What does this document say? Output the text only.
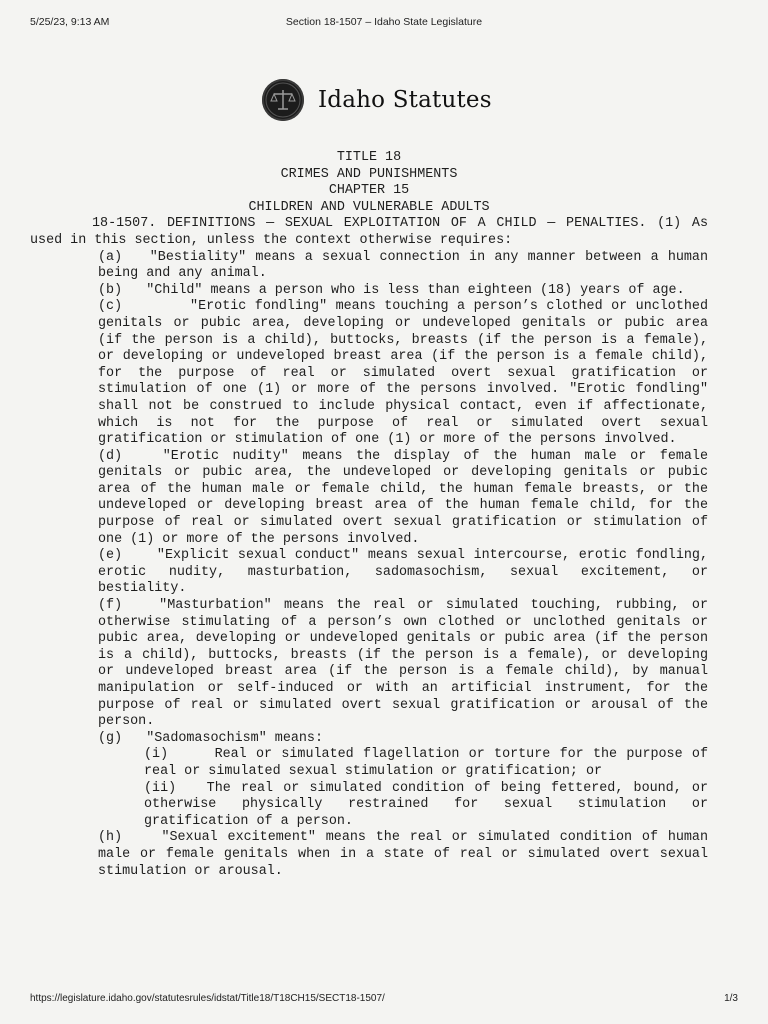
5/25/23, 9:13 AM	Section 18-1507 – Idaho State Legislature
Idaho Statutes
TITLE 18
CRIMES AND PUNISHMENTS
CHAPTER 15
CHILDREN AND VULNERABLE ADULTS
18-1507. DEFINITIONS — SEXUAL EXPLOITATION OF A CHILD — PENALTIES. (1) As used in this section, unless the context otherwise requires:
(a) "Bestiality" means a sexual connection in any manner between a human being and any animal.
(b) "Child" means a person who is less than eighteen (18) years of age.
(c)	"Erotic fondling" means touching a person’s clothed or unclothed genitals or pubic area, developing or undeveloped genitals or pubic area (if the person is a child), buttocks, breasts (if the person is a female), or developing or undeveloped breast area (if the person is a female child), for the purpose of real or simulated overt sexual gratification or stimulation of one (1) or more of the persons involved. "Erotic fondling" shall not be construed to include physical contact, even if affectionate, which is not for the purpose of real or simulated overt sexual gratification or stimulation of one (1) or more of the persons involved.
(d)	"Erotic nudity" means the display of the human male or female genitals or pubic area, the undeveloped or developing genitals or pubic area of the human male or female child, the human female breasts, or the undeveloped or developing breast area of the human female child, for the purpose of real or simulated overt sexual gratification or stimulation of one (1) or more of the persons involved.
(e)	"Explicit sexual conduct" means sexual intercourse, erotic fondling, erotic nudity, masturbation, sadomasochism, sexual excitement, or bestiality.
(f)	"Masturbation" means the real or simulated touching, rubbing, or otherwise stimulating of a person’s own clothed or unclothed genitals or pubic area, developing or undeveloped genitals or pubic area (if the person is a child), buttocks, breasts (if the person is a female), or developing or undeveloped breast area (if the person is a female child), by manual manipulation or self-induced or with an artificial instrument, for the purpose of real or simulated overt sexual gratification or arousal of the person.
(g) "Sadomasochism" means:
(i)	Real or simulated flagellation or torture for the purpose of real or simulated sexual stimulation or gratification; or
(ii) The real or simulated condition of being fettered, bound, or otherwise physically restrained for sexual stimulation or gratification of a person.
(h)	"Sexual excitement" means the real or simulated condition of human male or female genitals when in a state of real or simulated overt sexual stimulation or arousal.
https://legislature.idaho.gov/statutesrules/idstat/Title18/T18CH15/SECT18-1507/	1/3
